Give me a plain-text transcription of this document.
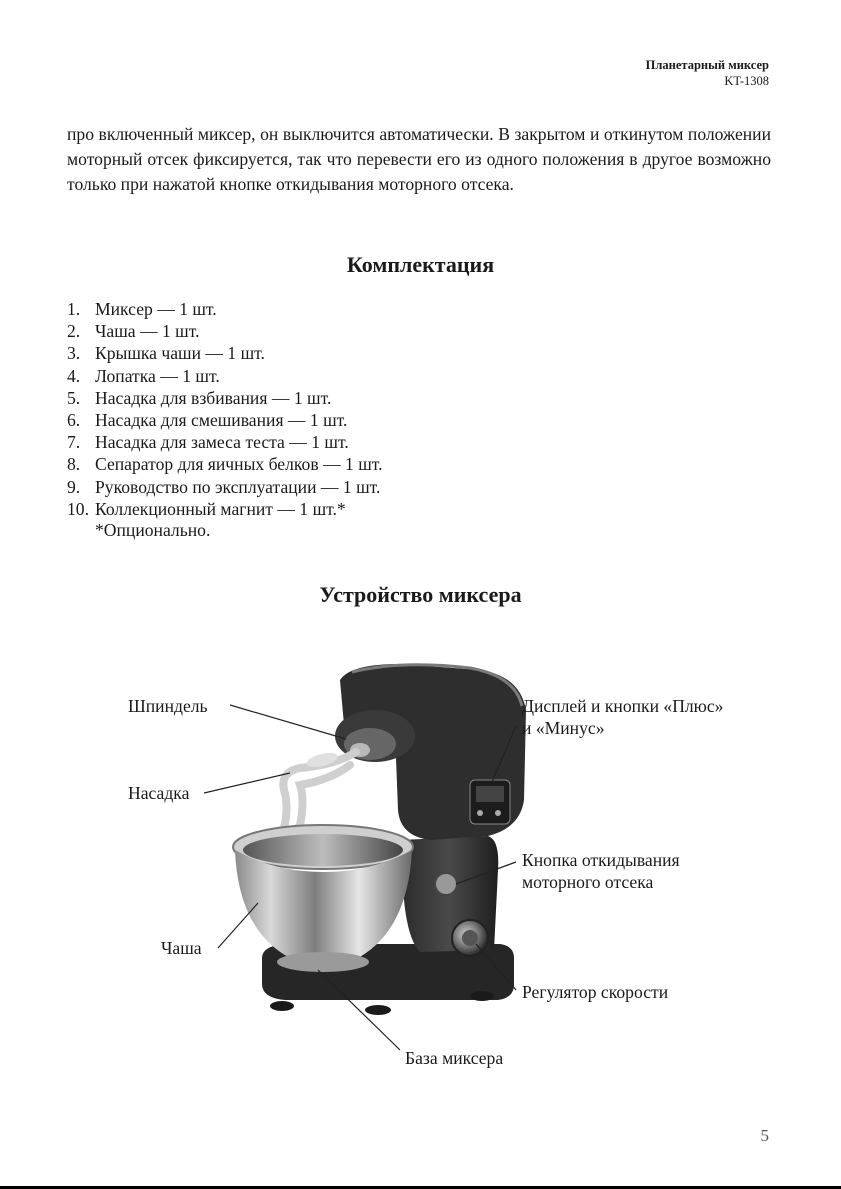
Планетарный миксер
KT-1308

про включенный миксер, он выключится автоматически. В закрытом и откинутом положении моторный отсек фиксируется, так что перевести его из одного положения в другое возможно только при нажатой кнопке откидывания моторного отсека.

Комплектация
1. Миксер — 1 шт.
2. Чаша — 1 шт.
3. Крышка чаши — 1 шт.
4. Лопатка — 1 шт.
5. Насадка для взбивания — 1 шт.
6. Насадка для смешивания — 1 шт.
7. Насадка для замеса теста — 1 шт.
8. Сепаратор для яичных белков — 1 шт.
9. Руководство по эксплуатации — 1 шт.
10. Коллекционный магнит — 1 шт.*
*Опционально.
Устройство миксера
Шпиндель
Насадка
Чаша
Дисплей и кнопки «Плюс»
и «Минус»
Кнопка откидывания
моторного отсека
Регулятор скорости
База миксера
5
